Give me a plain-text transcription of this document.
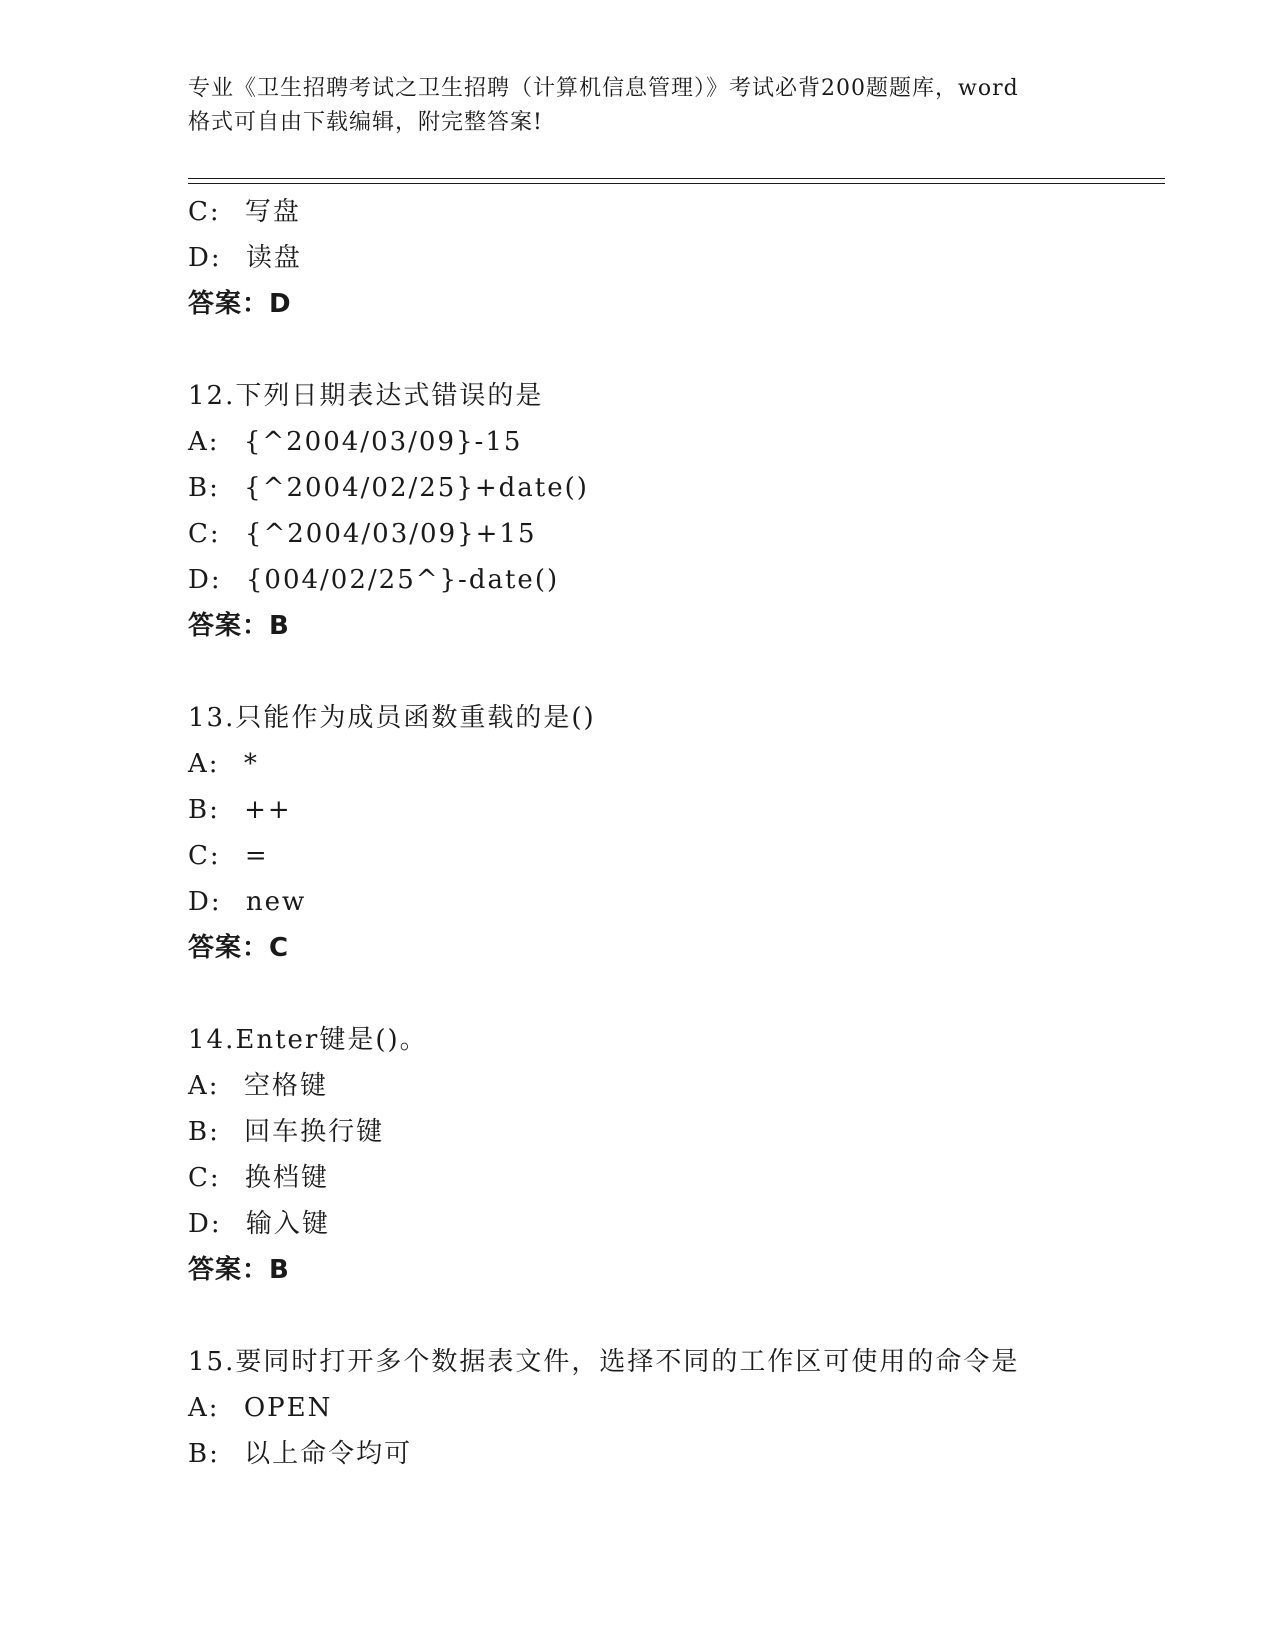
专业《卫生招聘考试之卫生招聘（计算机信息管理）》考试必背200题题库，word
格式可自由下载编辑，附完整答案!
C: 写盘
D: 读盘
答案：D
12.下列日期表达式错误的是
A: {^2004/03/09}-15
B: {^2004/02/25}+date()
C: {^2004/03/09}+15
D: {004/02/25^}-date()
答案：B
13.只能作为成员函数重载的是()
A: *
B: ++
C: =
D: new
答案：C
14.Enter键是()。
A: 空格键
B: 回车换行键
C: 换档键
D: 输入键
答案：B
15.要同时打开多个数据表文件，选择不同的工作区可使用的命令是
A: OPEN
B: 以上命令均可
